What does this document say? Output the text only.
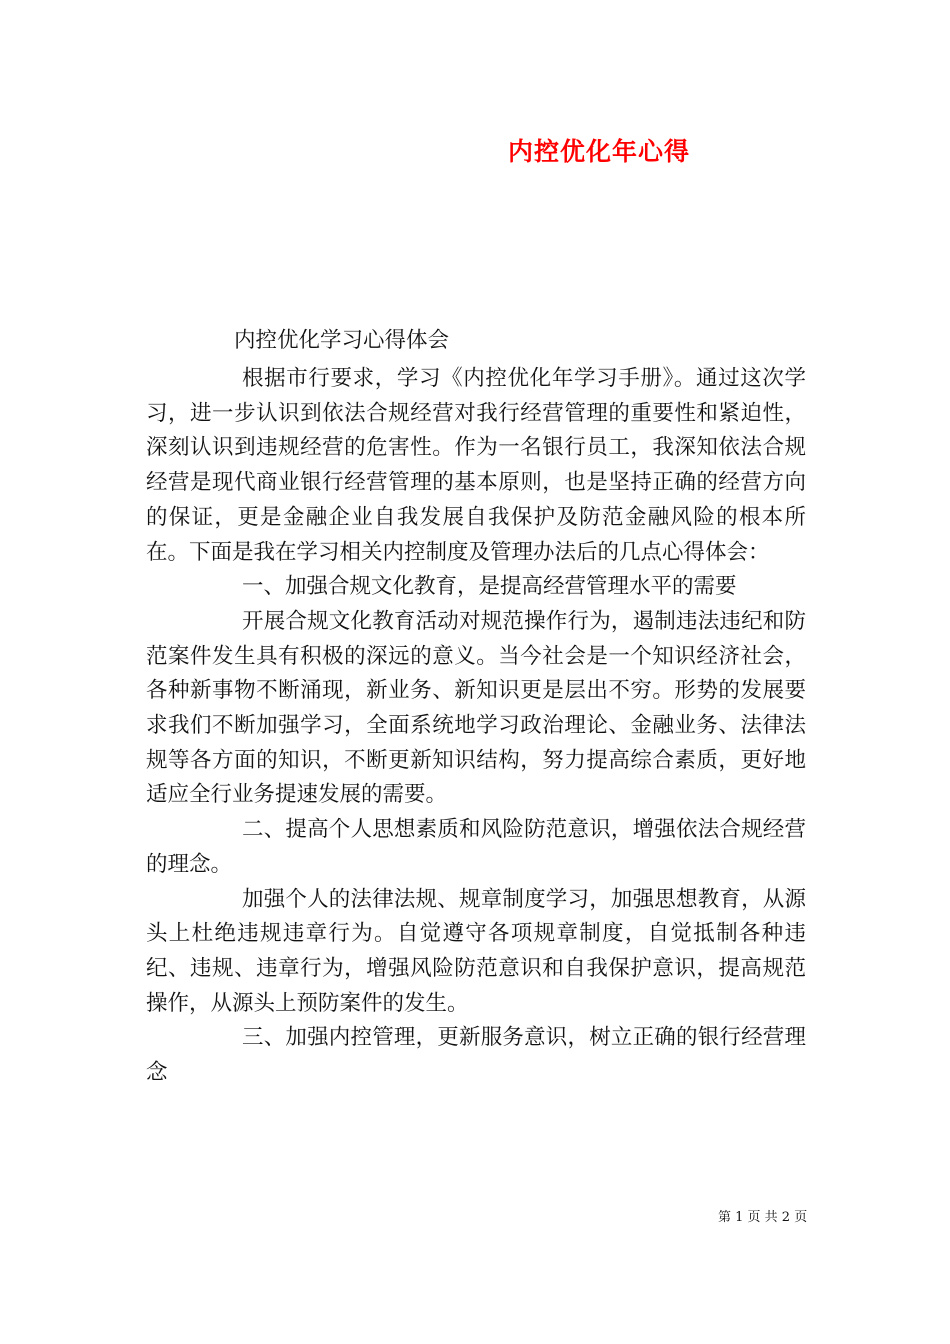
内控优化年心得
内控优化学习心得体会

根据市行要求，学习《内控优化年学习手册》。通过这次学习，进一步认识到依法合规经营对我行经营管理的重要性和紧迫性，深刻认识到违规经营的危害性。作为一名银行员工，我深知依法合规经营是现代商业银行经营管理的基本原则，也是坚持正确的经营方向的保证，更是金融企业自我发展自我保护及防范金融风险的根本所在。下面是我在学习相关内控制度及管理办法后的几点心得体会：

一、加强合规文化教育，是提高经营管理水平的需要

开展合规文化教育活动对规范操作行为，遏制违法违纪和防范案件发生具有积极的深远的意义。当今社会是一个知识经济社会，各种新事物不断涌现，新业务、新知识更是层出不穷。形势的发展要求我们不断加强学习，全面系统地学习政治理论、金融业务、法律法规等各方面的知识，不断更新知识结构，努力提高综合素质，更好地适应全行业务提速发展的需要。

二、提高个人思想素质和风险防范意识，增强依法合规经营的理念。

加强个人的法律法规、规章制度学习，加强思想教育，从源头上杜绝违规违章行为。自觉遵守各项规章制度，自觉抵制各种违纪、违规、违章行为，增强风险防范意识和自我保护意识，提高规范操作，从源头上预防案件的发生。

三、加强内控管理，更新服务意识，树立正确的银行经营理念

第 1 页 共 2 页
